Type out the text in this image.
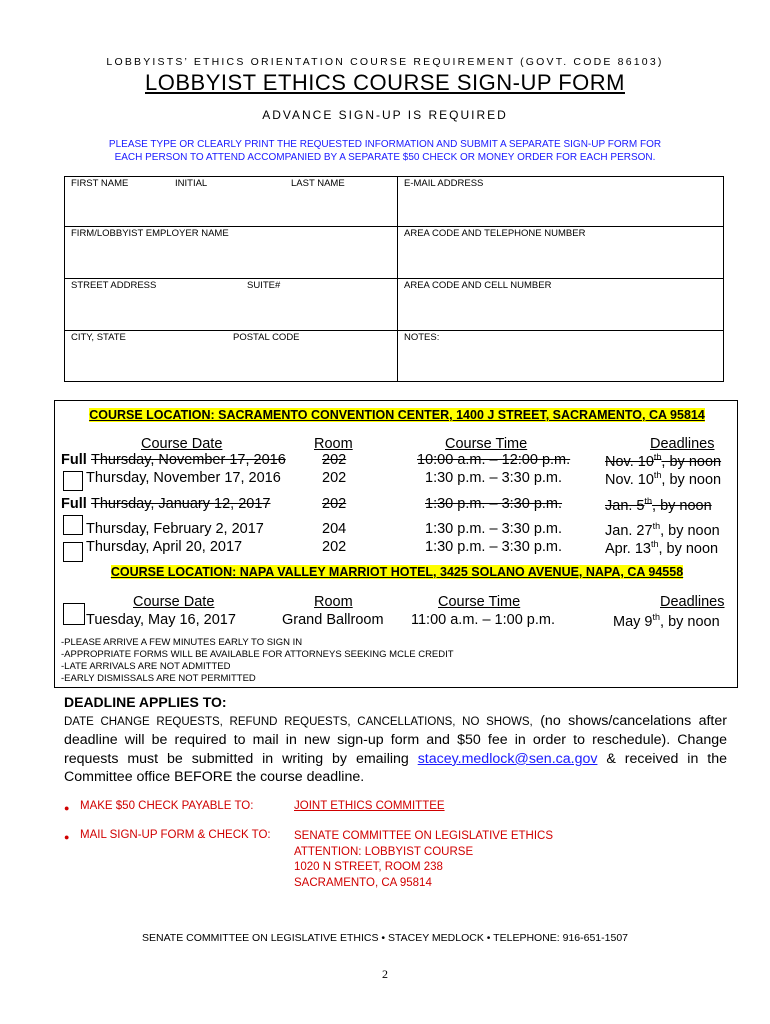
LOBBYISTS’ ETHICS ORIENTATION COURSE REQUIREMENT (GOVT. CODE 86103)
LOBBYIST ETHICS COURSE SIGN-UP FORM
ADVANCE SIGN-UP IS REQUIRED
PLEASE TYPE OR CLEARLY PRINT THE REQUESTED INFORMATION AND SUBMIT A SEPARATE SIGN-UP FORM FOR
EACH PERSON TO ATTEND ACCOMPANIED BY A SEPARATE $50 CHECK OR MONEY ORDER FOR EACH PERSON.
FIRST NAME	INITIAL	LAST NAME	E-MAIL ADDRESS
FIRM/LOBBYIST EMPLOYER NAME	AREA CODE AND TELEPHONE NUMBER
STREET ADDRESS	SUITE#	AREA CODE AND CELL NUMBER
CITY, STATE	POSTAL CODE	NOTES:
COURSE LOCATION: SACRAMENTO CONVENTION CENTER, 1400 J STREET, SACRAMENTO, CA 95814
Course Date	Room	Course Time	Deadlines
Full Thursday, November 17, 2016 202	10:00 a.m. – 12:00 p.m. Nov. 10th, by noon
Thursday, November 17, 2016	202	1:30 p.m. – 3:30 p.m.	Nov. 10th, by noon
Full Thursday, January 12, 2017	202	1:30 p.m. – 3:30 p.m.	Jan. 5th, by noon
Thursday, February 2, 2017	204	1:30 p.m. – 3:30 p.m.	Jan. 27th, by noon
Thursday, April 20, 2017	202	1:30 p.m. – 3:30 p.m.	Apr. 13th, by noon
COURSE LOCATION: NAPA VALLEY MARRIOT HOTEL, 3425 SOLANO AVENUE, NAPA, CA 94558
Course Date	Room	Course Time	Deadlines
Tuesday, May 16, 2017	Grand Ballroom 11:00 a.m. – 1:00 p.m.	May 9th, by noon
-PLEASE ARRIVE A FEW MINUTES EARLY TO SIGN IN
-APPROPRIATE FORMS WILL BE AVAILABLE FOR ATTORNEYS SEEKING MCLE CREDIT
-LATE ARRIVALS ARE NOT ADMITTED
-EARLY DISMISSALS ARE NOT PERMITTED
DEADLINE APPLIES TO:
DATE CHANGE REQUESTS, REFUND REQUESTS, CANCELLATIONS, NO SHOWS, (no shows/cancelations after deadline will be required to mail in new sign-up form and $50 fee in order to reschedule). Change requests must be submitted in writing by emailing stacey.medlock@sen.ca.gov & received in the Committee office BEFORE the course deadline.
● MAKE $50 CHECK PAYABLE TO:	JOINT ETHICS COMMITTEE
● MAIL SIGN-UP FORM & CHECK TO: SENATE COMMITTEE ON LEGISLATIVE ETHICS
ATTENTION: LOBBYIST COURSE
1020 N STREET, ROOM 238
SACRAMENTO, CA 95814
SENATE COMMITTEE ON LEGISLATIVE ETHICS • STACEY MEDLOCK • TELEPHONE: 916-651-1507
2
